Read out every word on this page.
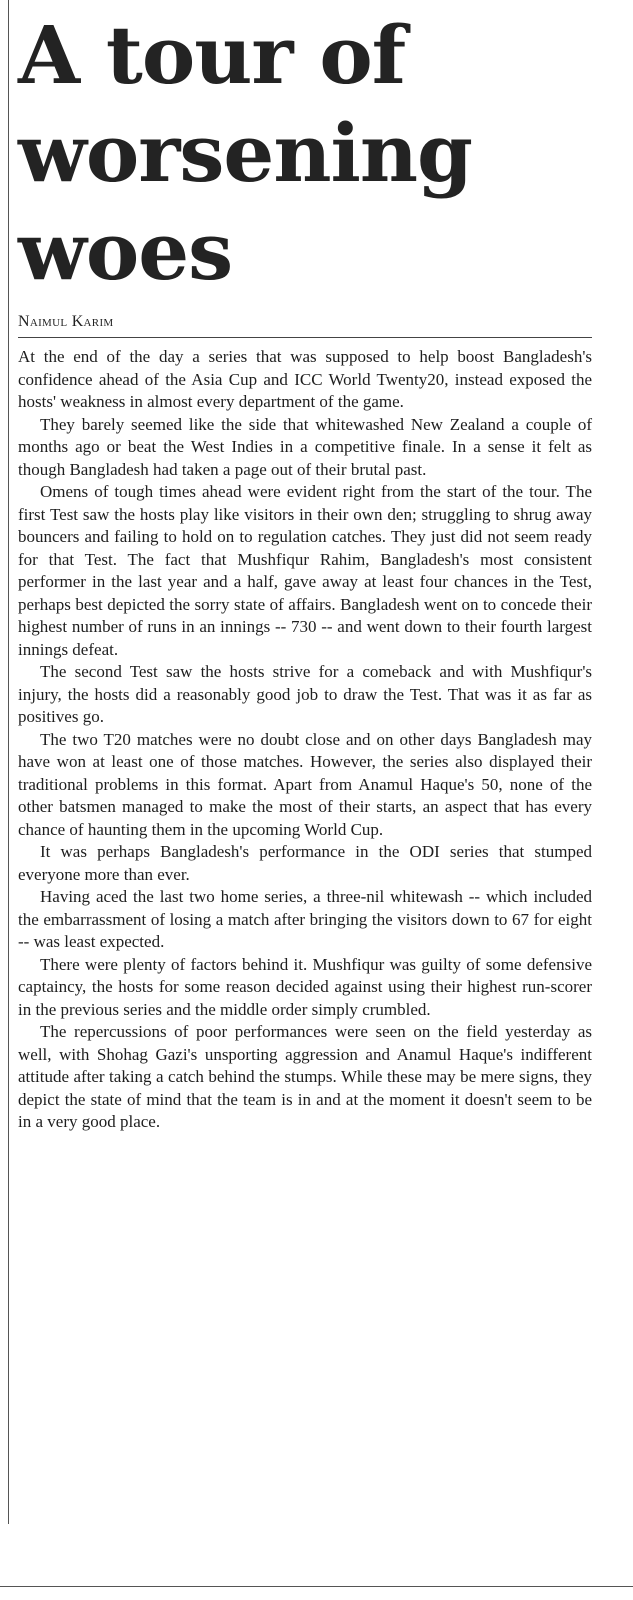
A tour of
worsening
woes
Naimul Karim

At the end of the day a series that was supposed to help boost Bangladesh's confidence ahead of the Asia Cup and ICC World Twenty20, instead exposed the hosts' weakness in almost every department of the game.

They barely seemed like the side that whitewashed New Zealand a couple of months ago or beat the West Indies in a competitive finale. In a sense it felt as though Bangladesh had taken a page out of their brutal past.

Omens of tough times ahead were evident right from the start of the tour. The first Test saw the hosts play like visitors in their own den; struggling to shrug away bouncers and failing to hold on to regulation catches. They just did not seem ready for that Test. The fact that Mushfiqur Rahim, Bangladesh's most consistent performer in the last year and a half, gave away at least four chances in the Test, perhaps best depicted the sorry state of affairs. Bangladesh went on to concede their highest number of runs in an innings -- 730 -- and went down to their fourth largest innings defeat.

The second Test saw the hosts strive for a comeback and with Mushfiqur's injury, the hosts did a reasonably good job to draw the Test. That was it as far as positives go.

The two T20 matches were no doubt close and on other days Bangladesh may have won at least one of those matches. However, the series also displayed their traditional problems in this format. Apart from Anamul Haque's 50, none of the other batsmen managed to make the most of their starts, an aspect that has every chance of haunting them in the upcoming World Cup.

It was perhaps Bangladesh's performance in the ODI series that stumped everyone more than ever.

Having aced the last two home series, a three-nil whitewash -- which included the embarrassment of losing a match after bringing the visitors down to 67 for eight -- was least expected.

There were plenty of factors behind it. Mushfiqur was guilty of some defensive captaincy, the hosts for some reason decided against using their highest run-scorer in the previous series and the middle order simply crumbled.

The repercussions of poor performances were seen on the field yesterday as well, with Shohag Gazi's unsporting aggression and Anamul Haque's indifferent attitude after taking a catch behind the stumps. While these may be mere signs, they depict the state of mind that the team is in and at the moment it doesn't seem to be in a very good place.
